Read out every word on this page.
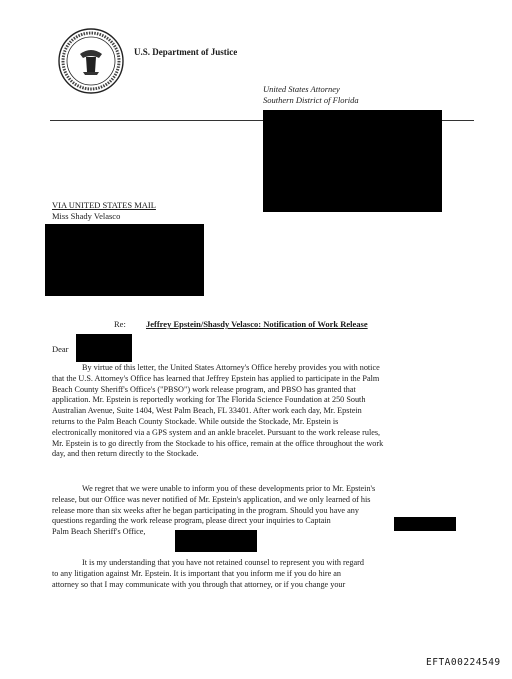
U.S. Department of Justice
United States Attorney
Southern District of Florida
VIA UNITED STATES MAIL
Miss Shady Velasco
Re: Jeffrey Epstein/Shasdy Velasco: Notification of Work Release
Dear
By virtue of this letter, the United States Attorney's Office hereby provides you with notice
that the U.S. Attorney's Office has learned that Jeffrey Epstein has applied to participate in the Palm
Beach County Sheriff's Office's ("PBSO") work release program, and PBSO has granted that
application. Mr. Epstein is reportedly working for The Florida Science Foundation at 250 South
Australian Avenue, Suite 1404, West Palm Beach, FL 33401. After work each day, Mr. Epstein
returns to the Palm Beach County Stockade. While outside the Stockade, Mr. Epstein is
electronically monitored via a GPS system and an ankle bracelet. Pursuant to the work release rules,
Mr. Epstein is to go directly from the Stockade to his office, remain at the office throughout the work
day, and then return directly to the Stockade.
We regret that we were unable to inform you of these developments prior to Mr. Epstein's
release, but our Office was never notified of Mr. Epstein's application, and we only learned of his
release more than six weeks after he began participating in the program. Should you have any
questions regarding the work release program, please direct your inquiries to Captain
Palm Beach Sheriff's Office,
It is my understanding that you have not retained counsel to represent you with regard
to any litigation against Mr. Epstein. It is important that you inform me if you do hire an
attorney so that I may communicate with you through that attorney, or if you change your
EFTA00224549
